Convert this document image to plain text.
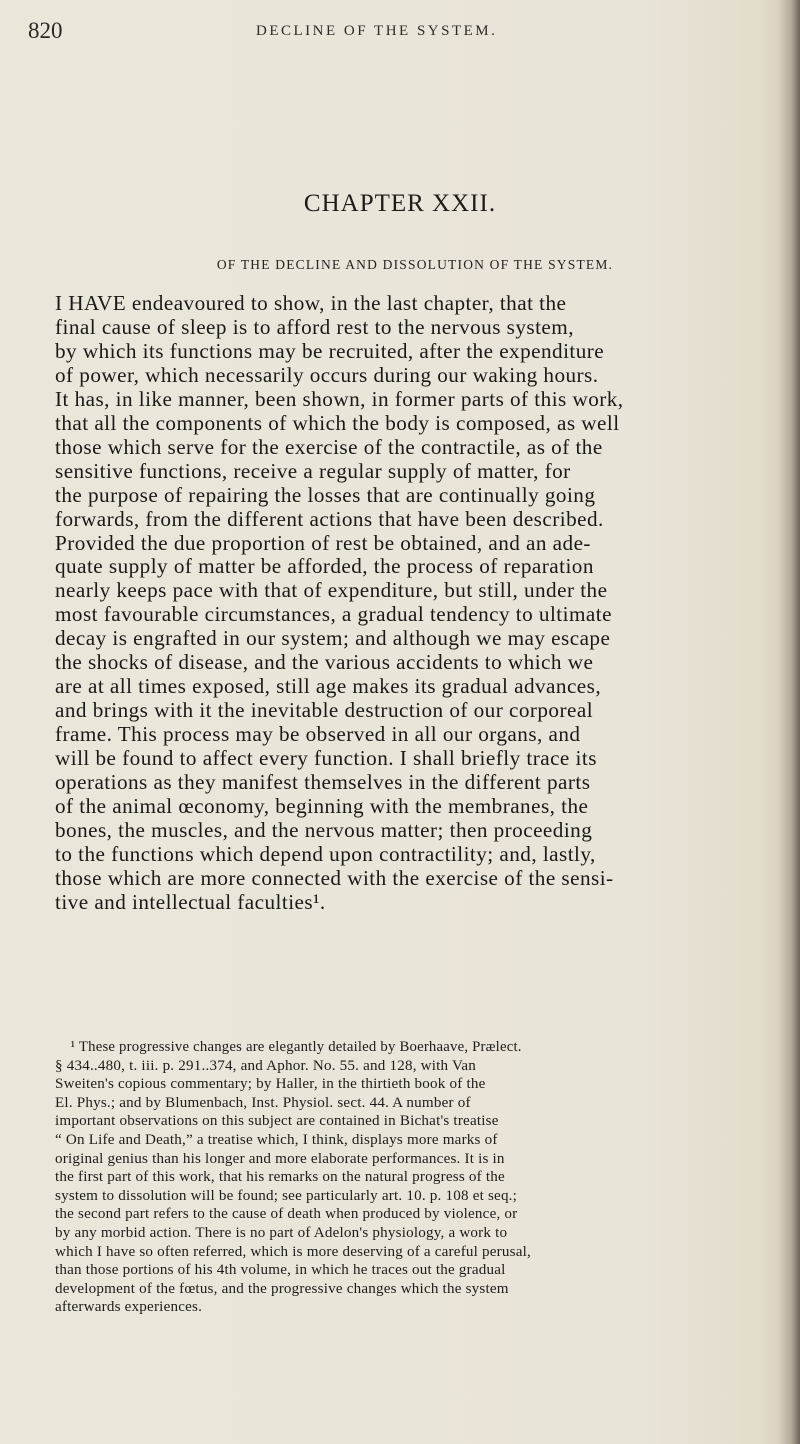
820	DECLINE OF THE SYSTEM.
CHAPTER XXII.
OF THE DECLINE AND DISSOLUTION OF THE SYSTEM.
I HAVE endeavoured to show, in the last chapter, that the
final cause of sleep is to afford rest to the nervous system,
by which its functions may be recruited, after the expenditure
of power, which necessarily occurs during our waking hours.
It has, in like manner, been shown, in former parts of this work,
that all the components of which the body is composed, as well
those which serve for the exercise of the contractile, as of the
sensitive functions, receive a regular supply of matter, for
the purpose of repairing the losses that are continually going
forwards, from the different actions that have been described.
Provided the due proportion of rest be obtained, and an ade-
quate supply of matter be afforded, the process of reparation
nearly keeps pace with that of expenditure, but still, under the
most favourable circumstances, a gradual tendency to ultimate
decay is engrafted in our system; and although we may escape
the shocks of disease, and the various accidents to which we
are at all times exposed, still age makes its gradual advances,
and brings with it the inevitable destruction of our corporeal
frame. This process may be observed in all our organs, and
will be found to affect every function. I shall briefly trace its
operations as they manifest themselves in the different parts
of the animal œconomy, beginning with the membranes, the
bones, the muscles, and the nervous matter; then proceeding
to the functions which depend upon contractility; and, lastly,
those which are more connected with the exercise of the sensi-
tive and intellectual faculties¹.
¹ These progressive changes are elegantly detailed by Boerhaave, Prælect.
§ 434..480, t. iii. p. 291..374, and Aphor. No. 55. and 128, with Van
Sweiten's copious commentary; by Haller, in the thirtieth book of the
El. Phys.; and by Blumenbach, Inst. Physiol. sect. 44. A number of
important observations on this subject are contained in Bichat's treatise
“ On Life and Death,” a treatise which, I think, displays more marks of
original genius than his longer and more elaborate performances. It is in
the first part of this work, that his remarks on the natural progress of the
system to dissolution will be found; see particularly art. 10. p. 108 et seq.;
the second part refers to the cause of death when produced by violence, or
by any morbid action. There is no part of Adelon's physiology, a work to
which I have so often referred, which is more deserving of a careful perusal,
than those portions of his 4th volume, in which he traces out the gradual
development of the fœtus, and the progressive changes which the system
afterwards experiences.
